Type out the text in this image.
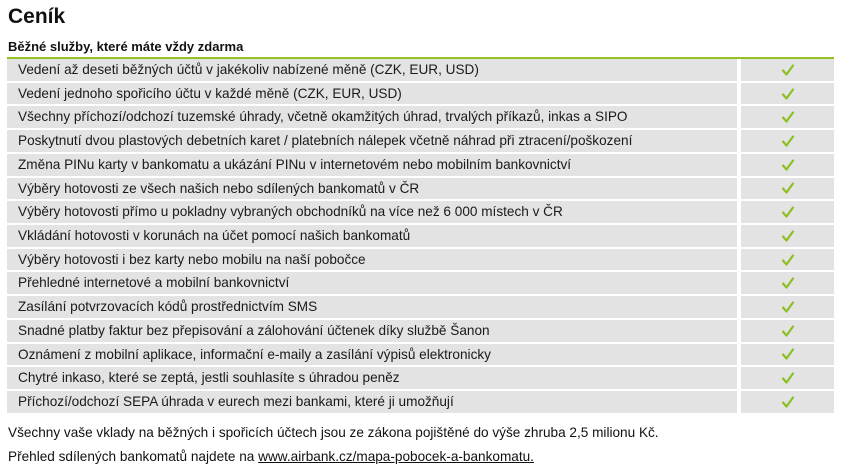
Ceník
Běžné služby, které máte vždy zdarma
Vedení až deseti běžných účtů v jakékoliv nabízené měně (CZK, EUR, USD)
Vedení jednoho spořicího účtu v každé měně (CZK, EUR, USD)
Všechny příchozí/odchozí tuzemské úhrady, včetně okamžitých úhrad, trvalých příkazů, inkas a SIPO
Poskytnutí dvou plastových debetních karet / platebních nálepek včetně náhrad při ztracení/poškození
Změna PINu karty v bankomatu a ukázání PINu v internetovém nebo mobilním bankovnictví
Výběry hotovosti ze všech našich nebo sdílených bankomatů v ČR
Výběry hotovosti přímo u pokladny vybraných obchodníků na více než 6 000 místech v ČR
Vkládání hotovosti v korunách na účet pomocí našich bankomatů
Výběry hotovosti i bez karty nebo mobilu na naší pobočce
Přehledné internetové a mobilní bankovnictví
Zasílání potvrzovacích kódů prostřednictvím SMS
Snadné platby faktur bez přepisování a zálohování účtenek díky službě Šanon
Oznámení z mobilní aplikace, informační e-maily a zasílání výpisů elektronicky
Chytré inkaso, které se zeptá, jestli souhlasíte s úhradou peněz
Příchozí/odchozí SEPA úhrada v eurech mezi bankami, které ji umožňují

Všechny vaše vklady na běžných i spořicích účtech jsou ze zákona pojištěné do výše zhruba 2,5 milionu Kč.

Přehled sdílených bankomatů najdete na www.airbank.cz/mapa-pobocek-a-bankomatu.
